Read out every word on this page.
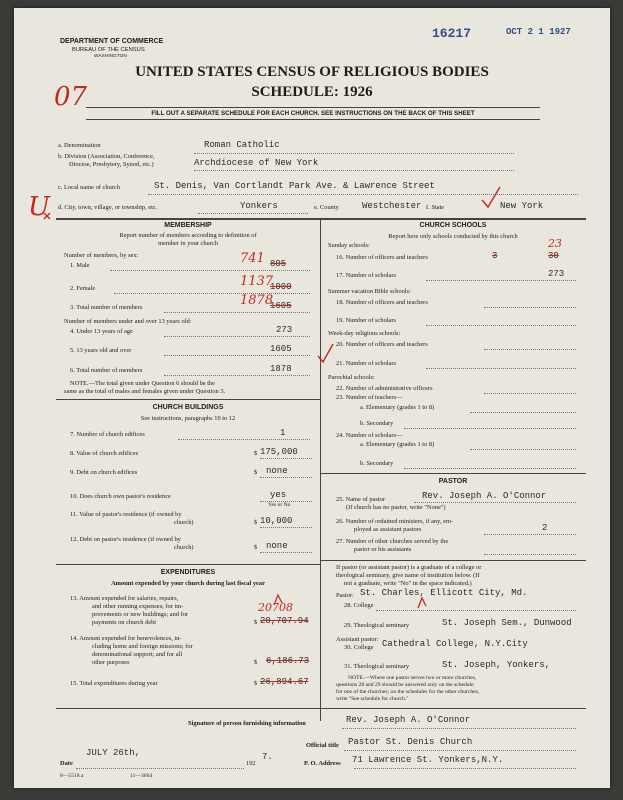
16217	OCT 2 1 1927
DEPARTMENT OF COMMERCE
BUREAU OF THE CENSUS
WASHINGTON
UNITED STATES CENSUS OF RELIGIOUS BODIES
SCHEDULE: 1926
FILL OUT A SEPARATE SCHEDULE FOR EACH CHURCH. SEE INSTRUCTIONS ON THE BACK OF THIS SHEET
07
U
a. Denomination	Roman Catholic
b. Division (Association, Conference,
Diocese, Presbytery, Synod, etc.)	Archdiocese of New York
c. Local name of church	St. Denis, Van Cortlandt Park Ave. & Lawrence Street
d. City, town, village, or township, etc.	Yonkers	e. County	Westchester f. State	New York
MEMBERSHIP
Report number of members according to definition of
member in your church
Number of members, by sex:
1. Male	805
741
2. Female	1000
1137
3. Total number of members	1605
1878
Number of members under and over 13 years old:
4. Under 13 years of age	273
5. 13 years old and over	1605
6. Total number of members	1878
NOTE.—The total given under Question 6 should be the
same as the total of males and females given under Question 3.
CHURCH BUILDINGS
See instructions, paragraphs 10 to 12
7. Number of church edifices	1
8. Value of church edifices	$ 175,000
9. Debt on church edifices	$ none
10. Does church own pastor's residence	yes
Yes or No
11. Value of pastor's residence (if owned by
church)	$ 10,000
12. Debt on pastor's residence (if owned by
church)	$ none
EXPENDITURES
Amount expended by your church during last fiscal year
13. Amount expended for salaries, repairs,
and other running expenses; for im-
provements or new buildings; and for
payments on church debt	$ 20,707.94
20708
14. Amount expended for benevolences, in-
cluding home and foreign missions; for
denominational support; and for all
other purposes	$ 6,186.73
15. Total expenditures during year	$ 26,894.67
CHURCH SCHOOLS
Report here only schools conducted by this church
Sunday schools:	23
16. Number of officers and teachers	3	30
17. Number of scholars	273
Summer vacation Bible schools:
18. Number of officers and teachers
19. Number of scholars
Week-day religious schools:
20. Number of officers and teachers
21. Number of scholars
Parochial schools:
22. Number of administrative officers
23. Number of teachers—
a. Elementary (grades 1 to 8)
b. Secondary
24. Number of scholars—
a. Elementary (grades 1 to 8)
b. Secondary
PASTOR
25. Name of pastor
(If church has no pastor, write "None")
Rev. Joseph A. O'Connor
26. Number of ordained ministers, if any, em-
ployed as assistant pastors	2
27. Number of other churches served by the
pastor or his assistants
If pastor (or assistant pastor) is a graduate of a college or
theological seminary, give name of institution below. (If
not a graduate, write "No" in the space indicated.)
Pastor: St. Charles, Ellicott City, Md.
28. College
29. Theological seminary	St. Joseph Sem., Dunwood
Assistant pastor:
30. College Cathedral College, N.Y.City
31. Theological seminary	St. Joseph, Yonkers,
NOTE.—Where one pastor serves two or more churches,
questions 28 and 29 should be answered only on the schedule
for one of the churches; on the schedules for the other churches,
write "See schedule for church."
Signature of person furnishing information	Rev. Joseph A. O'Connor
Official title Pastor St. Denis Church
Date
JULY 26th,
192
7.
P. O. Address 71 Lawrence St. Yonkers,N.Y.
8—5518 a	11—3664
